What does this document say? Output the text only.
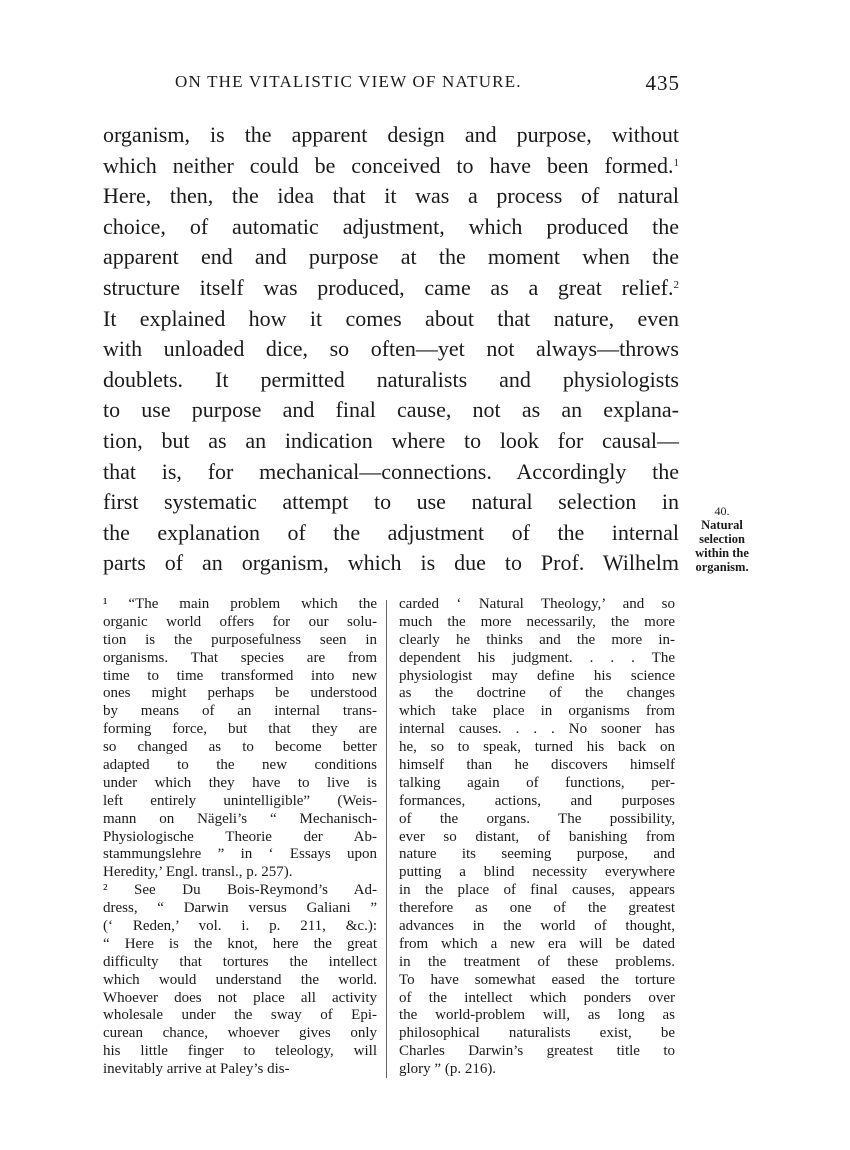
ON THE VITALISTIC VIEW OF NATURE.	435
organism, is the apparent design and purpose, without
which neither could be conceived to have been formed.$^1$
Here, then, the idea that it was a process of natural
choice, of automatic adjustment, which produced the
apparent end and purpose at the moment when the
structure itself was produced, came as a great relief.$^2$
It explained how it comes about that nature, even
with unloaded dice, so often—yet not always—throws
doublets. It permitted naturalists and physiologists
to use purpose and final cause, not as an explana-
tion, but as an indication where to look for causal—
that is, for mechanical—connections. Accordingly the
first systematic attempt to use natural selection in
the explanation of the adjustment of the internal
parts of an organism, which is due to Prof. Wilhelm
40.
Natural
selection
within the
organism.
¹ “The main problem which the
organic world offers for our solu-
tion is the purposefulness seen in
organisms. That species are from
time to time transformed into new
ones might perhaps be understood
by means of an internal trans-
forming force, but that they are
so changed as to become better
adapted to the new conditions
under which they have to live is
left entirely unintelligible” (Weis-
mann on Nägeli’s “ Mechanisch-
Physiologische Theorie der Ab-
stammungslehre ” in ‘ Essays upon
Heredity,’ Engl. transl., p. 257).
² See Du Bois-Reymond’s Ad-
dress, “ Darwin versus Galiani ”
(‘ Reden,’ vol. i. p. 211, &c.):
“ Here is the knot, here the great
difficulty that tortures the intellect
which would understand the world.
Whoever does not place all activity
wholesale under the sway of Epi-
curean chance, whoever gives only
his little finger to teleology, will
inevitably arrive at Paley’s dis-
carded ‘ Natural Theology,’ and so
much the more necessarily, the more
clearly he thinks and the more in-
dependent his judgment. . . . The
physiologist may define his science
as the doctrine of the changes
which take place in organisms from
internal causes. . . . No sooner has
he, so to speak, turned his back on
himself than he discovers himself
talking again of functions, per-
formances, actions, and purposes
of the organs. The possibility,
ever so distant, of banishing from
nature its seeming purpose, and
putting a blind necessity everywhere
in the place of final causes, appears
therefore as one of the greatest
advances in the world of thought,
from which a new era will be dated
in the treatment of these problems.
To have somewhat eased the torture
of the intellect which ponders over
the world-problem will, as long as
philosophical naturalists exist, be
Charles Darwin’s greatest title to
glory ” (p. 216).
